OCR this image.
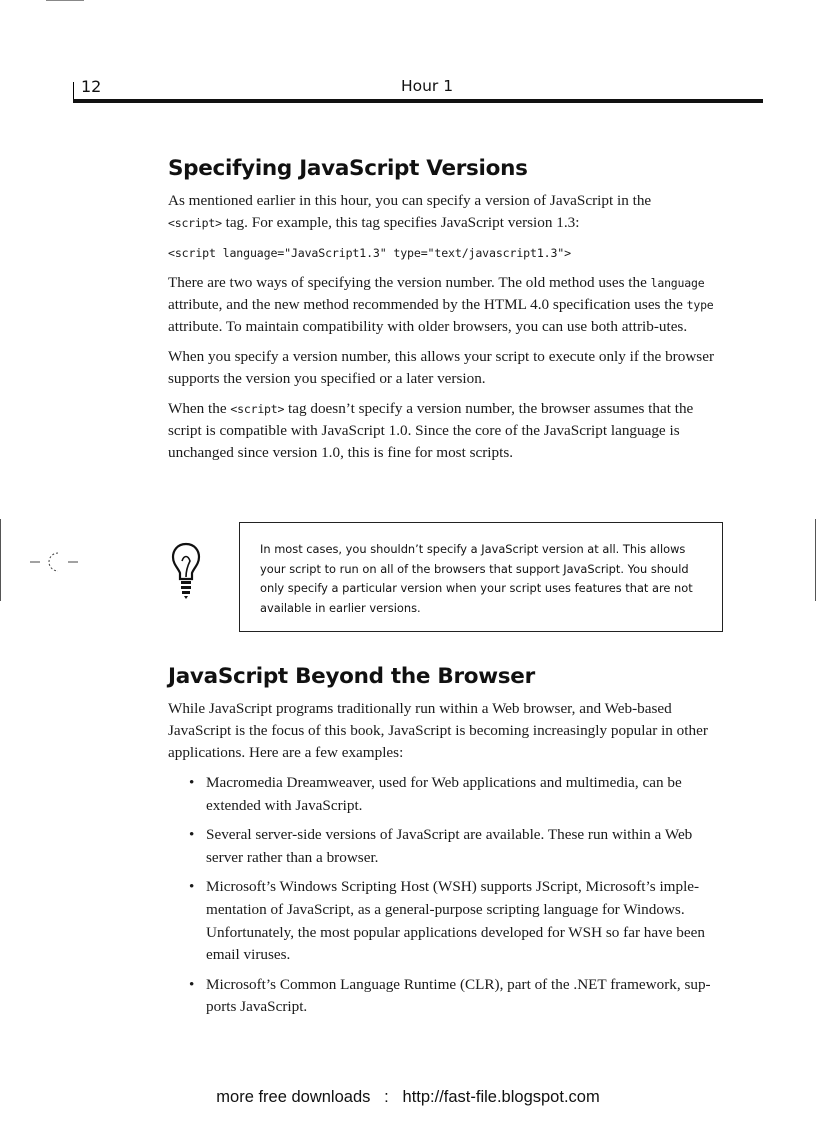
12	Hour 1
Specifying JavaScript Versions

As mentioned earlier in this hour, you can specify a version of JavaScript in the
<script> tag. For example, this tag specifies JavaScript version 1.3:

<script language="JavaScript1.3" type="text/javascript1.3">

There are two ways of specifying the version number. The old method uses the language attribute, and the new method recommended by the HTML 4.0 specification uses the type attribute. To maintain compatibility with older browsers, you can use both attrib-utes.

When you specify a version number, this allows your script to execute only if the browser supports the version you specified or a later version.

When the <script> tag doesn’t specify a version number, the browser assumes that the script is compatible with JavaScript 1.0. Since the core of the JavaScript language is unchanged since version 1.0, this is fine for most scripts.

In most cases, you shouldn’t specify a JavaScript version at all. This allows your script to run on all of the browsers that support JavaScript. You should only specify a particular version when your script uses features that are not available in earlier versions.
JavaScript Beyond the Browser

While JavaScript programs traditionally run within a Web browser, and Web-based JavaScript is the focus of this book, JavaScript is becoming increasingly popular in other applications. Here are a few examples:

• Macromedia Dreamweaver, used for Web applications and multimedia, can be extended with JavaScript.
• Several server-side versions of JavaScript are available. These run within a Web server rather than a browser.
• Microsoft’s Windows Scripting Host (WSH) supports JScript, Microsoft’s imple-mentation of JavaScript, as a general-purpose scripting language for Windows. Unfortunately, the most popular applications developed for WSH so far have been email viruses.
• Microsoft’s Common Language Runtime (CLR), part of the .NET framework, sup-ports JavaScript.
more free downloads : http://fast-file.blogspot.com
